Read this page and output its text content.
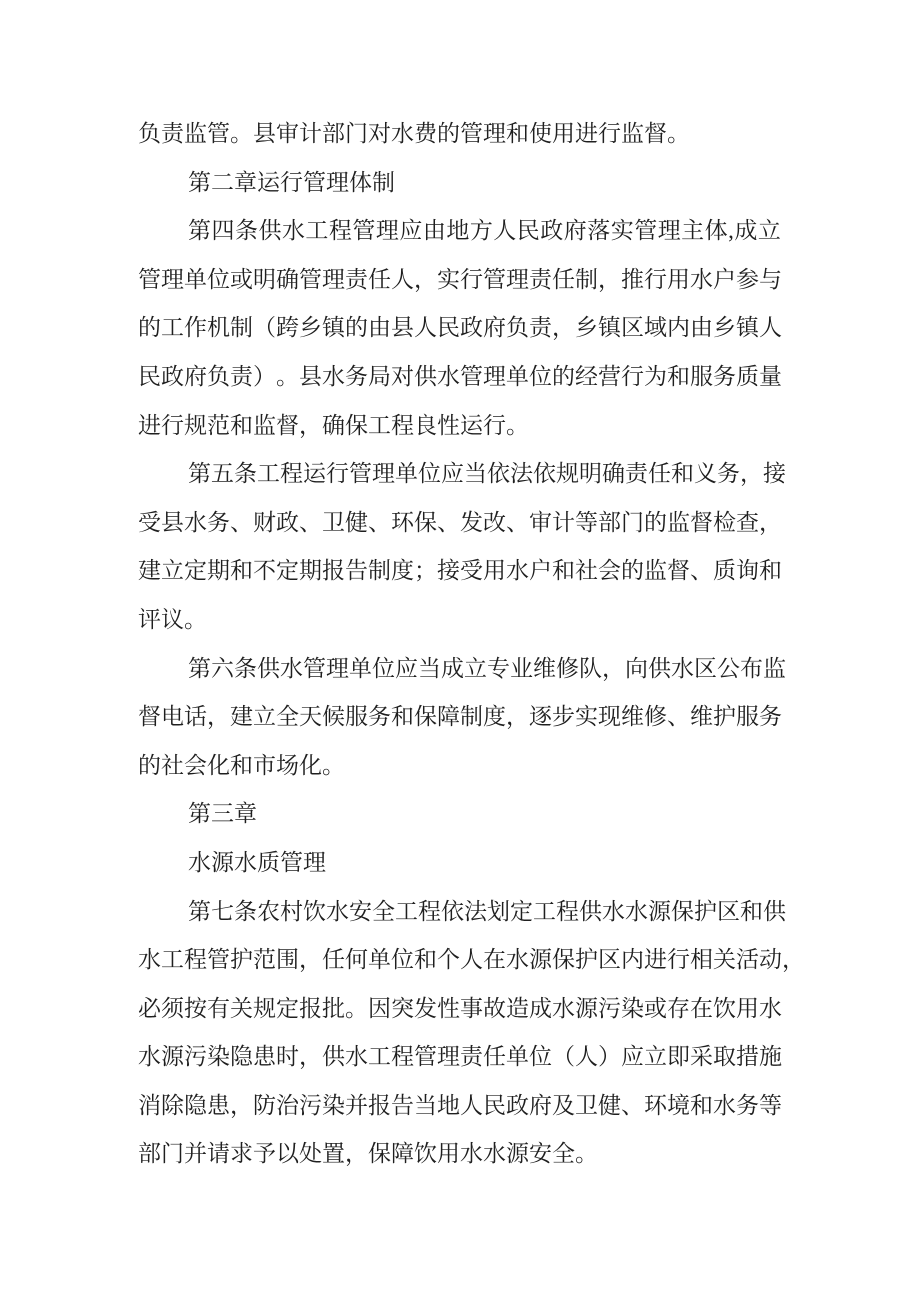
负责监管。县审计部门对水费的管理和使用进行监督。
第二章运行管理体制
第 四 条 供 水 工 程 管 理 应 由 地 方 人 民 政 府 落 实 管 理 主 体 , 成 立
管 理 单 位 或 明 确 管 理 责 任 人 ， 实 行 管 理 责 任 制 ， 推 行 用 水 户 参 与
的 工 作 机 制 （ 跨 乡 镇 的 由 县 人 民 政 府 负 责 ， 乡 镇 区 域 内 由 乡 镇 人
民 政 府 负 责 ） 。 县 水 务 局 对 供 水 管 理 单 位 的 经 营 行 为 和 服 务 质 量
进行规范和监督，确保工程良性运行。
第 五 条 工 程 运 行 管 理 单 位 应 当 依 法 依 规 明 确 责 任 和 义 务 ， 接
受 县 水 务 、 财 政 、 卫 健 、 环 保 、 发 改 、 审 计 等 部 门 的 监 督 检 查 ，
建 立 定 期 和 不 定 期 报 告 制 度 ； 接 受 用 水 户 和 社 会 的 监 督 、 质 询 和
评议。
第 六 条 供 水 管 理 单 位 应 当 成 立 专 业 维 修 队 ， 向 供 水 区 公 布 监
督 电 话 ， 建 立 全 天 候 服 务 和 保 障 制 度 ， 逐 步 实 现 维 修 、 维 护 服 务
的社会化和市场化。
第三章
水源水质管理
第 七 条 农 村 饮 水 安 全 工 程 依 法 划 定 工 程 供 水 水 源 保 护 区 和 供
水 工 程 管 护 范 围 ， 任 何 单 位 和 个 人 在 水 源 保 护 区 内 进 行 相 关 活 动 ，
必 须 按 有 关 规 定 报 批 。 因 突 发 性 事 故 造 成 水 源 污 染 或 存 在 饮 用 水
水 源 污 染 隐 患 时 ， 供 水 工 程 管 理 责 任 单 位 （ 人 ） 应 立 即 采 取 措 施
消 除 隐 患 ， 防 治 污 染 并 报 告 当 地 人 民 政 府 及 卫 健 、 环 境 和 水 务 等
部门并请求予以处置，保障饮用水水源安全。
